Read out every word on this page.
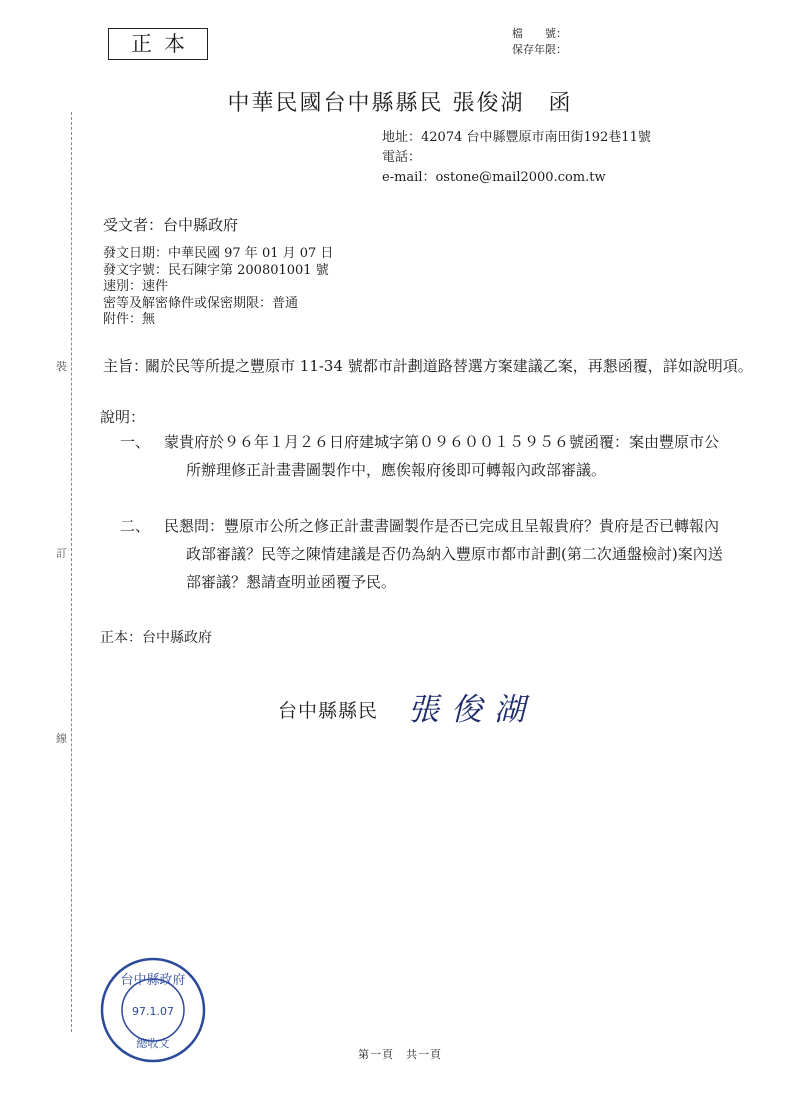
正本	檔　　號：
保存年限：
中華民國台中縣縣民 張俊湖　函
地址：42074 台中縣豐原市南田街192巷11號
電話：
e-mail：ostone@mail2000.com.tw
受文者：台中縣政府
發文日期：中華民國 97 年 01 月 07 日
發文字號：民石陳字第 200801001 號
速別：速件
密等及解密條件或保密期限：普通
附件：無
裝
訂
線
主旨：
關於民等所提之豐原市 11-34 號都市計劃道路替選方案建議乙案，再懇函覆，詳如說明項。
說明：
一、 蒙貴府於９６年１月２６日府建城字第０９６００１５９５６號函覆：案由豐原市公所辦理修正計畫書圖製作中，應俟報府後即可轉報內政部審議。
二、 民懇問：豐原市公所之修正計畫書圖製作是否已完成且呈報貴府？貴府是否已轉報內政部審議？民等之陳情建議是否仍為納入豐原市都市計劃(第二次通盤檢討)案內送部審議？懇請查明並函覆予民。
正本：台中縣政府
台中縣縣民 張俊湖
台中縣政府
97.1.07
總收文
第一頁　共一頁
